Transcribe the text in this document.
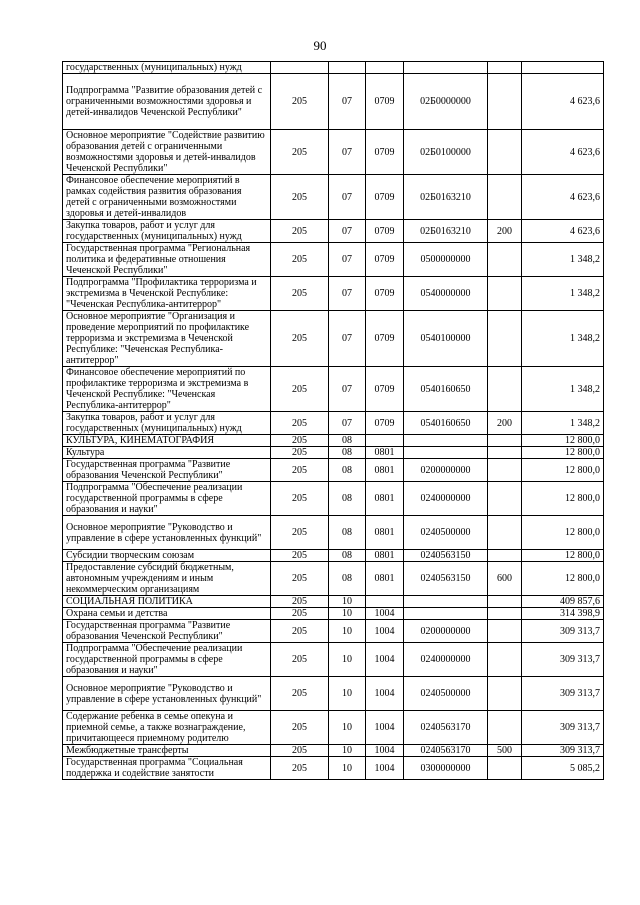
90
государственных (муниципальных) нужд						
Подпрограмма "Развитие образования детей с ограниченными возможностями здоровья и детей-инвалидов Чеченской Республики"	205	07	0709	02Б0000000		4 623,6
Основное мероприятие "Содействие развитию образования детей с ограниченными возможностями здоровья и детей-инвалидов Чеченской Республики"	205	07	0709	02Б0100000		4 623,6
Финансовое обеспечение мероприятий в рамках содействия развития образования детей с ограниченными возможностями здоровья и детей-инвалидов	205	07	0709	02Б0163210		4 623,6
Закупка товаров, работ и услуг для государственных (муниципальных) нужд	205	07	0709	02Б0163210	200	4 623,6
Государственная программа "Региональная политика и федеративные отношения Чеченской Республики"	205	07	0709	0500000000		1 348,2
Подпрограмма "Профилактика терроризма и экстремизма в Чеченской Республике: "Чеченская Республика-антитеррор"	205	07	0709	0540000000		1 348,2
Основное мероприятие "Организация и проведение мероприятий по профилактике терроризма и экстремизма в Чеченской Республике: "Чеченская Республика-антитеррор"	205	07	0709	0540100000		1 348,2
Финансовое обеспечение мероприятий по профилактике терроризма и экстремизма в Чеченской Республике: "Чеченская Республика-антитеррор"	205	07	0709	0540160650		1 348,2
Закупка товаров, работ и услуг для государственных (муниципальных) нужд	205	07	0709	0540160650	200	1 348,2
КУЛЬТУРА, КИНЕМАТОГРАФИЯ	205	08				12 800,0
Культура	205	08	0801			12 800,0
Государственная программа "Развитие образования Чеченской Республики"	205	08	0801	0200000000		12 800,0
Подпрограмма "Обеспечение реализации государственной программы в сфере образования и науки"	205	08	0801	0240000000		12 800,0
Основное мероприятие "Руководство и управление в сфере установленных функций"	205	08	0801	0240500000		12 800,0
Субсидии творческим союзам	205	08	0801	0240563150		12 800,0
Предоставление субсидий бюджетным, автономным учреждениям и иным некоммерческим организациям	205	08	0801	0240563150	600	12 800,0
СОЦИАЛЬНАЯ ПОЛИТИКА	205	10				409 857,6
Охрана семьи и детства	205	10	1004			314 398,9
Государственная программа "Развитие образования Чеченской Республики"	205	10	1004	0200000000		309 313,7
Подпрограмма "Обеспечение реализации государственной программы в сфере образования и науки"	205	10	1004	0240000000		309 313,7
Основное мероприятие "Руководство и управление в сфере установленных функций"	205	10	1004	0240500000		309 313,7
Содержание ребенка в семье опекуна и приемной семье, а также вознаграждение, причитающееся приемному родителю	205	10	1004	0240563170		309 313,7
Межбюджетные трансферты	205	10	1004	0240563170	500	309 313,7
Государственная программа "Социальная поддержка и содействие занятости	205	10	1004	0300000000		5 085,2
